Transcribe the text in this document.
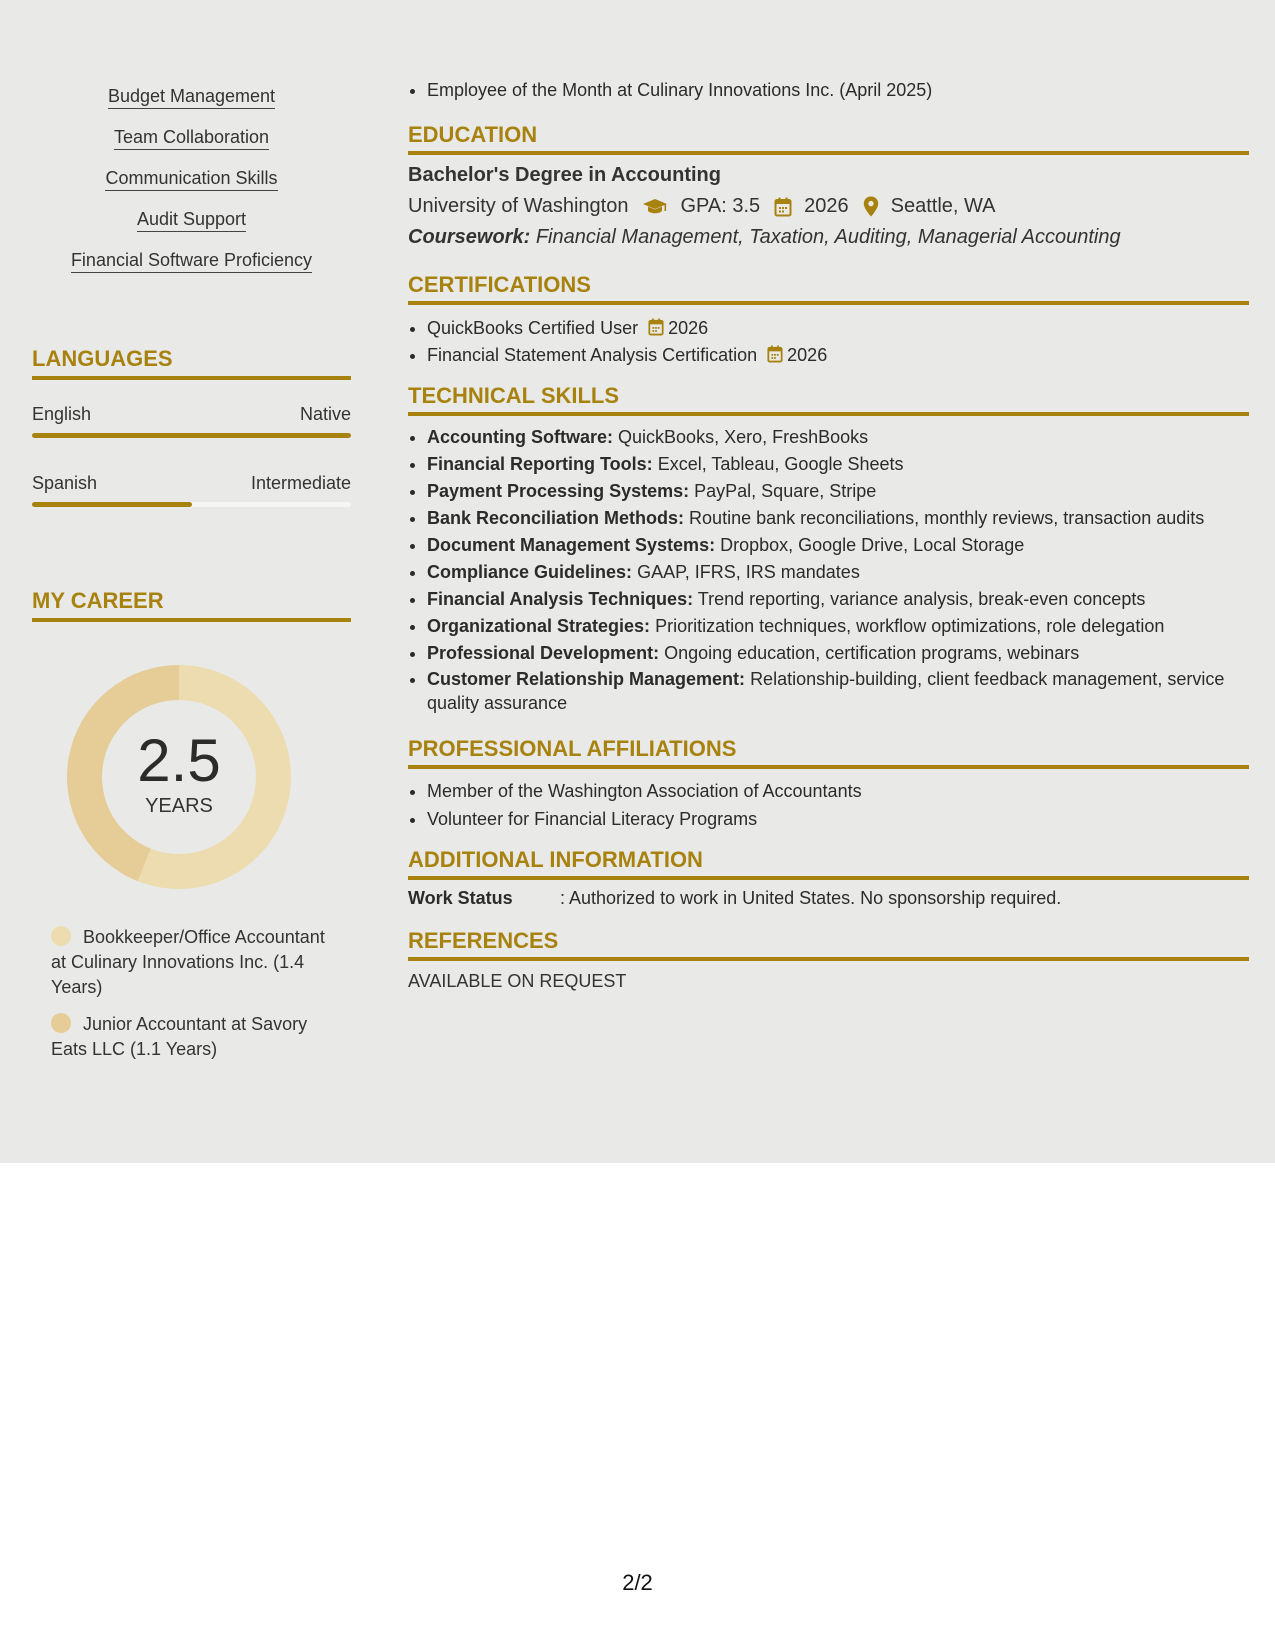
Budget Management
Team Collaboration
Communication Skills
Audit Support
Financial Software Proficiency
LANGUAGES
English	Native
Spanish	Intermediate
MY CAREER
2.5
YEARS
Bookkeeper/Office Accountant at Culinary Innovations Inc. (1.4 Years)
Junior Accountant at Savory Eats LLC (1.1 Years)
• Employee of the Month at Culinary Innovations Inc. (April 2025)
EDUCATION
Bachelor's Degree in Accounting
University of Washington	GPA: 3.5 2026 Seattle, WA
Coursework: Financial Management, Taxation, Auditing, Managerial Accounting
CERTIFICATIONS
• QuickBooks Certified User 2026
• Financial Statement Analysis Certification 2026
TECHNICAL SKILLS
• Accounting Software: QuickBooks, Xero, FreshBooks
• Financial Reporting Tools: Excel, Tableau, Google Sheets
• Payment Processing Systems: PayPal, Square, Stripe
• Bank Reconciliation Methods: Routine bank reconciliations, monthly reviews, transaction audits
• Document Management Systems: Dropbox, Google Drive, Local Storage
• Compliance Guidelines: GAAP, IFRS, IRS mandates
• Financial Analysis Techniques: Trend reporting, variance analysis, break-even concepts
• Organizational Strategies: Prioritization techniques, workflow optimizations, role delegation
• Professional Development: Ongoing education, certification programs, webinars
• Customer Relationship Management: Relationship-building, client feedback management, service quality assurance
PROFESSIONAL AFFILIATIONS
• Member of the Washington Association of Accountants
• Volunteer for Financial Literacy Programs
ADDITIONAL INFORMATION
Work Status	: Authorized to work in United States. No sponsorship required.
REFERENCES
AVAILABLE ON REQUEST
2/2
